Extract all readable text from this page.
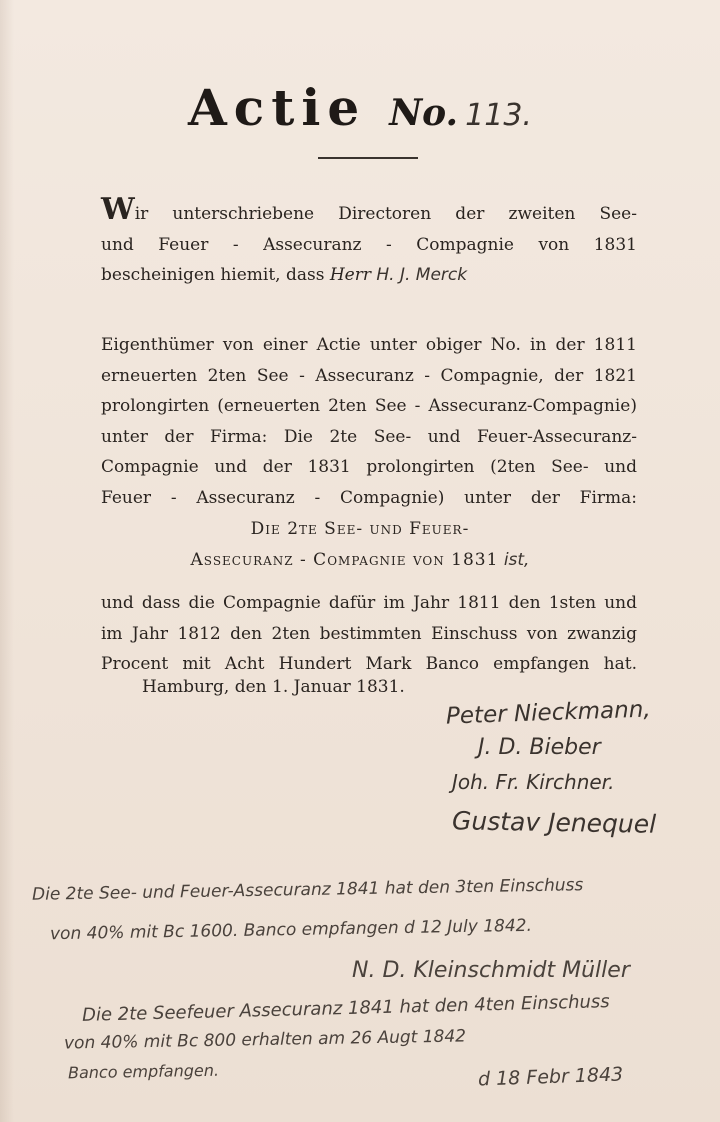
Actie No. 113.
Wir unterschriebene Directoren der zweiten See-
und Feuer - Assecuranz - Compagnie von 1831
bescheinigen hiemit, dass Herr H. J. Merck
Eigenthümer von einer Actie unter obiger No. in der 1811
erneuerten 2ten See - Assecuranz - Compagnie, der 1821
prolongirten (erneuerten 2ten See - Assecuranz-Compagnie)
unter der Firma: Die 2te See- und Feuer-Assecuranz-
Compagnie und der 1831 prolongirten (2ten See- und
Feuer - Assecuranz - Compagnie) unter der Firma:
Die 2te See- und Feuer-
Assecuranz - Compagnie von 1831 ist,
und dass die Compagnie dafür im Jahr 1811 den 1sten und
im Jahr 1812 den 2ten bestimmten Einschuss von zwanzig
Procent mit Acht Hundert Mark Banco empfangen hat.
Hamburg, den 1. Januar 1831.
Peter Nieckmann,
J. D. Bieber
Joh. Fr. Kirchner.
Gustav Jenequel
Die 2te See- und Feuer-Assecuranz 1841 hat den 3ten Einschuss
von 40% mit Bc 1600. Banco empfangen d 12 July 1842.
N. D. Kleinschmidt Müller
Die 2te Seefeuer Assecuranz 1841 hat den 4ten Einschuss
von 40% mit Bc 800 erhalten am 26 Augt 1842
Banco empfangen.	d 18 Febr 1843
